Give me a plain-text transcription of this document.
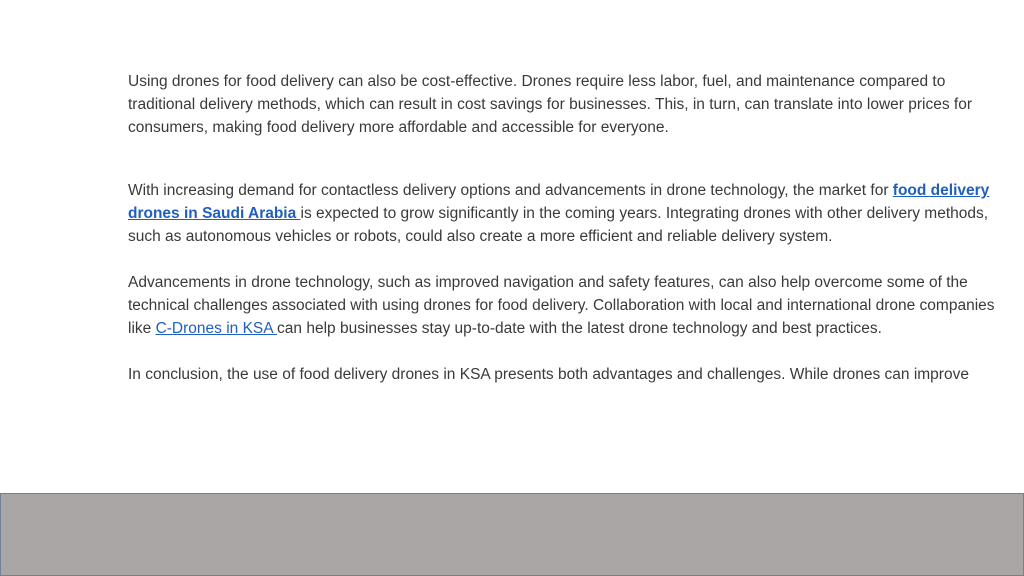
Using drones for food delivery can also be cost-effective. Drones require less labor, fuel, and maintenance compared to traditional delivery methods, which can result in cost savings for businesses. This, in turn, can translate into lower prices for consumers, making food delivery more affordable and accessible for everyone.

With increasing demand for contactless delivery options and advancements in drone technology, the market for food delivery drones in Saudi Arabia is expected to grow significantly in the coming years. Integrating drones with other delivery methods, such as autonomous vehicles or robots, could also create a more efficient and reliable delivery system.

Advancements in drone technology, such as improved navigation and safety features, can also help overcome some of the technical challenges associated with using drones for food delivery. Collaboration with local and international drone companies like C-Drones in KSA can help businesses stay up-to-date with the latest drone technology and best practices.

In conclusion, the use of food delivery drones in KSA presents both advantages and challenges. While drones can improve
